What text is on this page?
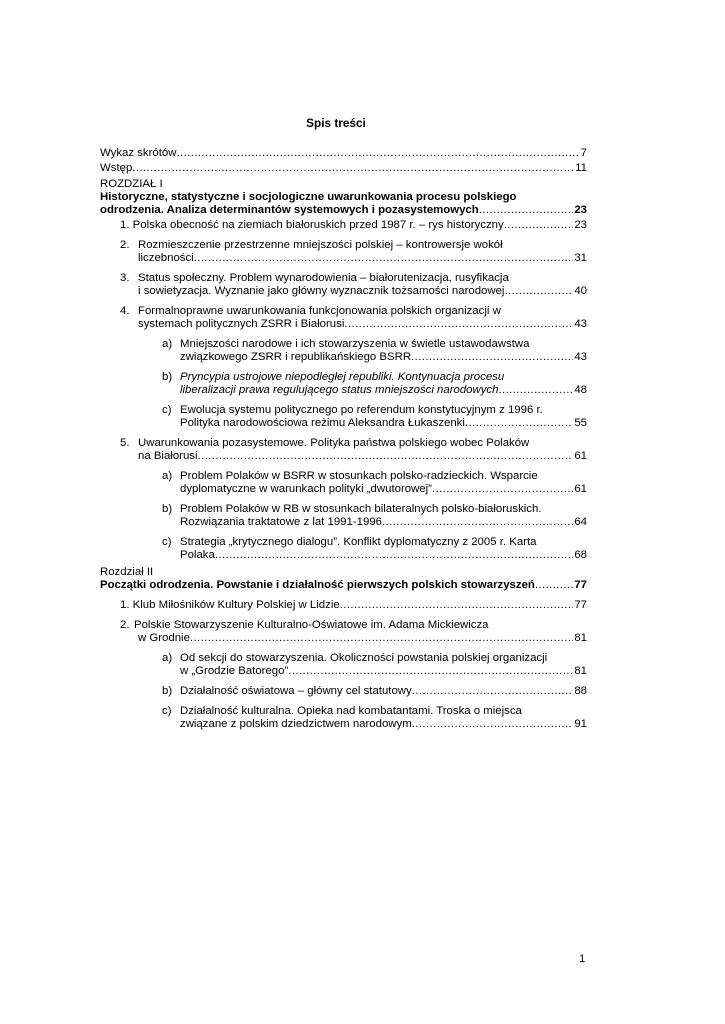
Spis treści
Wykaz skrótów .....	7
Wstęp .....	11
ROZDZIAŁ I
Historyczne, statystyczne i socjologiczne uwarunkowania procesu polskiego
odrodzenia. Analiza determinantów systemowych i pozasystemowych .....	23
1. Polska obecność na ziemiach białoruskich przed 1987 r. – rys historyczny .....	23
2. Rozmieszczenie przestrzenne mniejszości polskiej – kontrowersje wokół
liczebności .....	31
3. Status społeczny. Problem wynarodowienia – białorutenizacja, rusyfikacja
i sowietyzacja. Wyznanie jako główny wyznacznik tożsamości narodowej .....	40
4. Formalnoprawne uwarunkowania funkcjonowania polskich organizacji w
systemach politycznych ZSRR i Białorusi .....	43
a) Mniejszości narodowe i ich stowarzyszenia w świetle ustawodawstwa
związkowego ZSRR i republikańskiego BSRR .....	43
b) Pryncypia ustrojowe niepodległej republiki. Kontynuacja procesu
liberalizacji prawa regulującego status mniejszości narodowych .....	48
c) Ewolucja systemu politycznego po referendum konstytucyjnym z 1996 r.
Polityka narodowościowa reżimu Aleksandra Łukaszenki .....	55
5. Uwarunkowania pozasystemowe. Polityka państwa polskiego wobec Polaków
na Białorusi .....	61
a) Problem Polaków w BSRR w stosunkach polsko-radzieckich. Wsparcie
dyplomatyczne w warunkach polityki „dwutorowej” .....	61
b) Problem Polaków w RB w stosunkach bilateralnych polsko-białoruskich.
Rozwiązania traktatowe z lat 1991-1996 .....	64
c) Strategia „krytycznego dialogu”. Konflikt dyplomatyczny z 2005 r. Karta
Polaka .....	68
Rozdział II
Początki odrodzenia. Powstanie i działalność pierwszych polskich stowarzyszeń .....	77
1. Klub Miłośników Kultury Polskiej w Lidzie .....	77
2. Polskie Stowarzyszenie Kulturalno-Oświatowe im. Adama Mickiewicza
w Grodnie .....	81
a) Od sekcji do stowarzyszenia. Okoliczności powstania polskiej organizacji
w „Grodzie Batorego” .....	81
b) Działalność oświatowa – główny cel statutowy .....	88
c) Działalność kulturalna. Opieka nad kombatantami. Troska o miejsca
związane z polskim dziedzictwem narodowym .....	91
1
